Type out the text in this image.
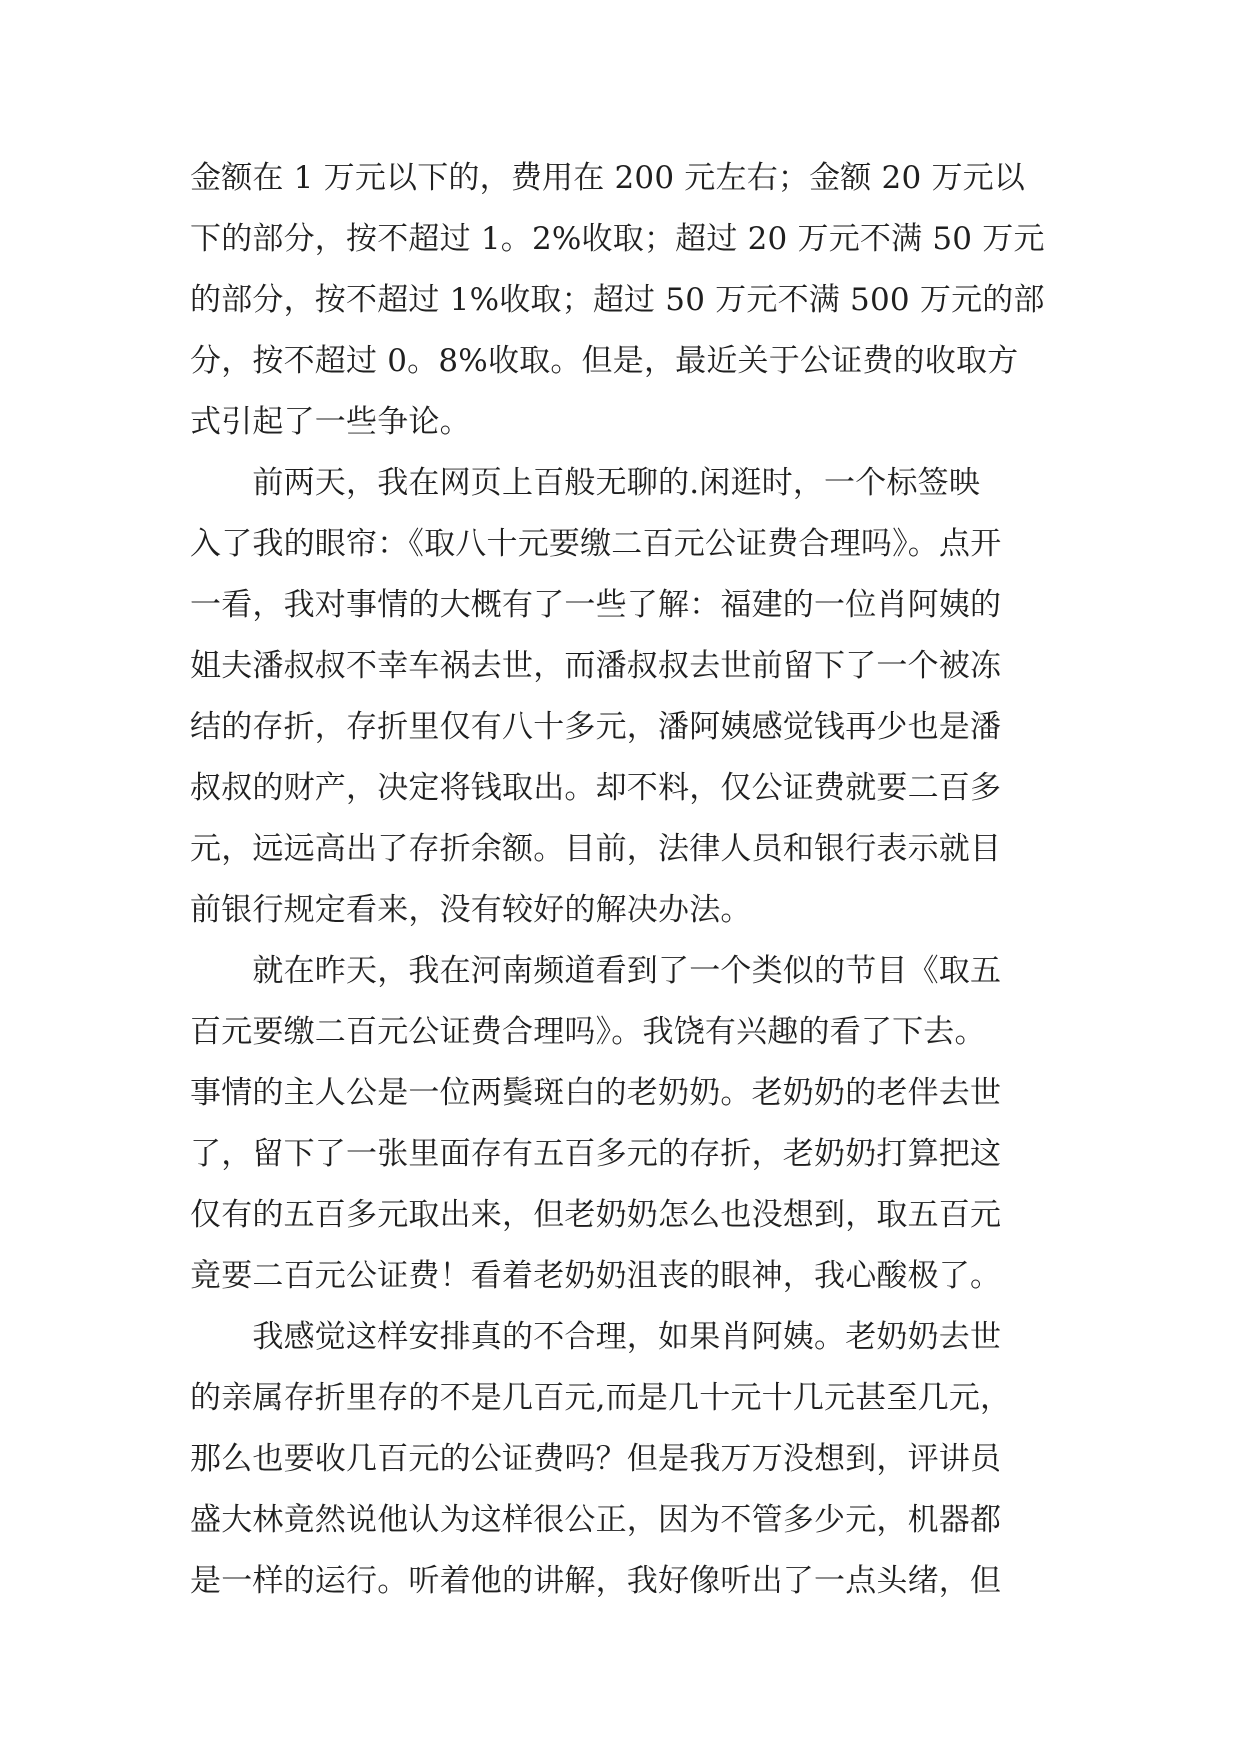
金额在 1 万元以下的，费用在 200 元左右；金额 20 万元以
下的部分，按不超过 1。2%收取；超过 20 万元不满 50 万元
的部分，按不超过 1%收取；超过 50 万元不满 500 万元的部
分，按不超过 0。8%收取。但是，最近关于公证费的收取方
式引起了一些争论。
　　前两天，我在网页上百般无聊的.闲逛时，一个标签映
入了我的眼帘：《取八十元要缴二百元公证费合理吗》。点开
一看，我对事情的大概有了一些了解：福建的一位肖阿姨的
姐夫潘叔叔不幸车祸去世，而潘叔叔去世前留下了一个被冻
结的存折，存折里仅有八十多元，潘阿姨感觉钱再少也是潘
叔叔的财产，决定将钱取出。却不料，仅公证费就要二百多
元，远远高出了存折余额。目前，法律人员和银行表示就目
前银行规定看来，没有较好的解决办法。
　　就在昨天，我在河南频道看到了一个类似的节目《取五
百元要缴二百元公证费合理吗》。我饶有兴趣的看了下去。
事情的主人公是一位两鬓斑白的老奶奶。老奶奶的老伴去世
了，留下了一张里面存有五百多元的存折，老奶奶打算把这
仅有的五百多元取出来，但老奶奶怎么也没想到，取五百元
竟要二百元公证费！看着老奶奶沮丧的眼神，我心酸极了。
　　我感觉这样安排真的不合理，如果肖阿姨。老奶奶去世
的亲属存折里存的不是几百元,而是几十元十几元甚至几元，
那么也要收几百元的公证费吗？但是我万万没想到，评讲员
盛大林竟然说他认为这样很公正，因为不管多少元，机器都
是一样的运行。听着他的讲解，我好像听出了一点头绪，但
